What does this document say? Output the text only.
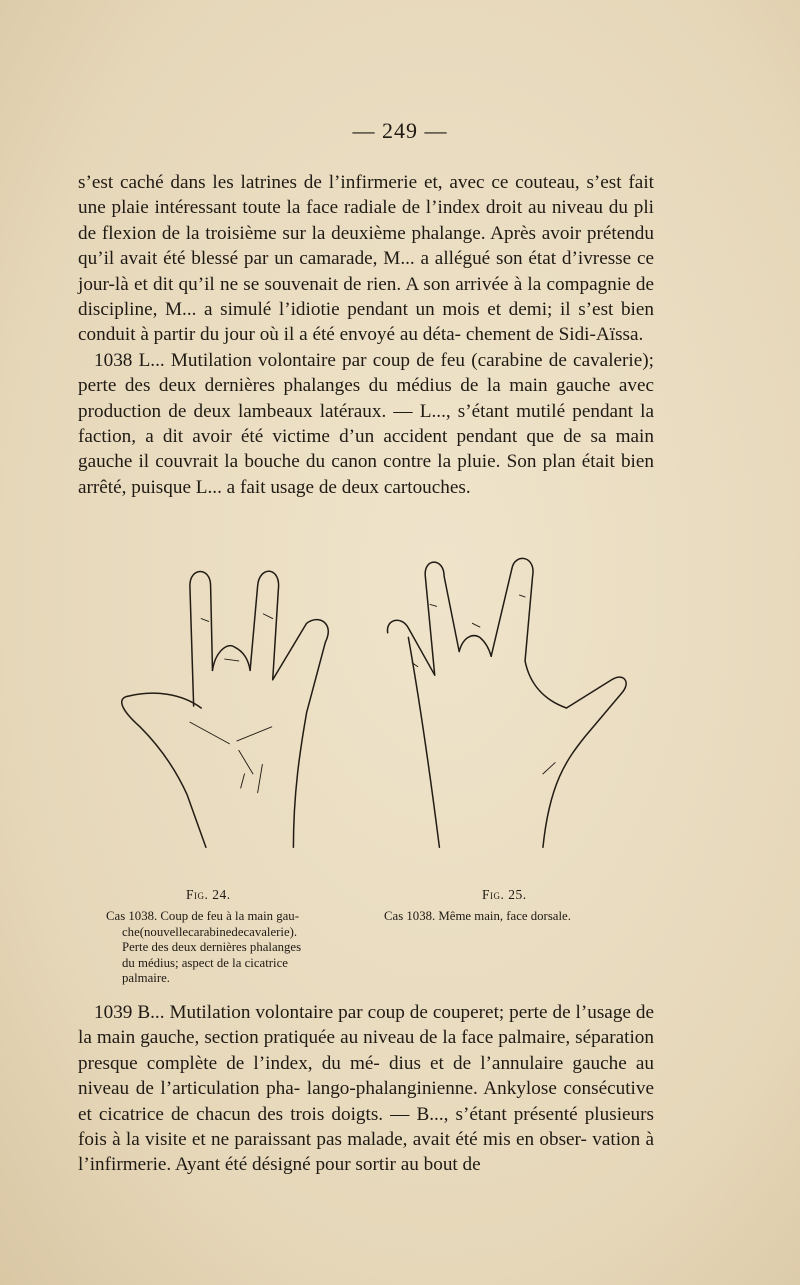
— 249 —

s’est caché dans les latrines de l’infirmerie et, avec ce couteau, s’est fait une plaie intéressant toute la face radiale de l’index droit au niveau du pli de flexion de la troisième sur la deuxième phalange. Après avoir prétendu qu’il avait été blessé par un camarade, M... a allégué son état d’ivresse ce jour-là et dit qu’il ne se souvenait de rien. A son arrivée à la compagnie de discipline, M... a simulé l’idiotie pendant un mois et demi; il s’est bien conduit à partir du jour où il a été envoyé au déta- chement de Sidi-Aïssa.

1038 L... Mutilation volontaire par coup de feu (carabine de cavalerie); perte des deux dernières phalanges du médius de la main gauche avec production de deux lambeaux latéraux. — L..., s’étant mutilé pendant la faction, a dit avoir été victime d’un accident pendant que de sa main gauche il couvrait la bouche du canon contre la pluie. Son plan était bien arrêté, puisque L... a fait usage de deux cartouches.

Fig. 24.	Fig. 25.
Cas 1038. Coup de feu à la main gau-
che(nouvellecarabinedecavalerie).
Perte des deux dernières phalanges
du médius; aspect de la cicatrice
palmaire.
Cas 1038. Même main, face dorsale.

1039 B... Mutilation volontaire par coup de couperet; perte de l’usage de la main gauche, section pratiquée au niveau de la face palmaire, séparation presque complète de l’index, du mé- dius et de l’annulaire gauche au niveau de l’articulation pha- lango-phalanginienne. Ankylose consécutive et cicatrice de chacun des trois doigts. — B..., s’étant présenté plusieurs fois à la visite et ne paraissant pas malade, avait été mis en obser- vation à l’infirmerie. Ayant été désigné pour sortir au bout de
